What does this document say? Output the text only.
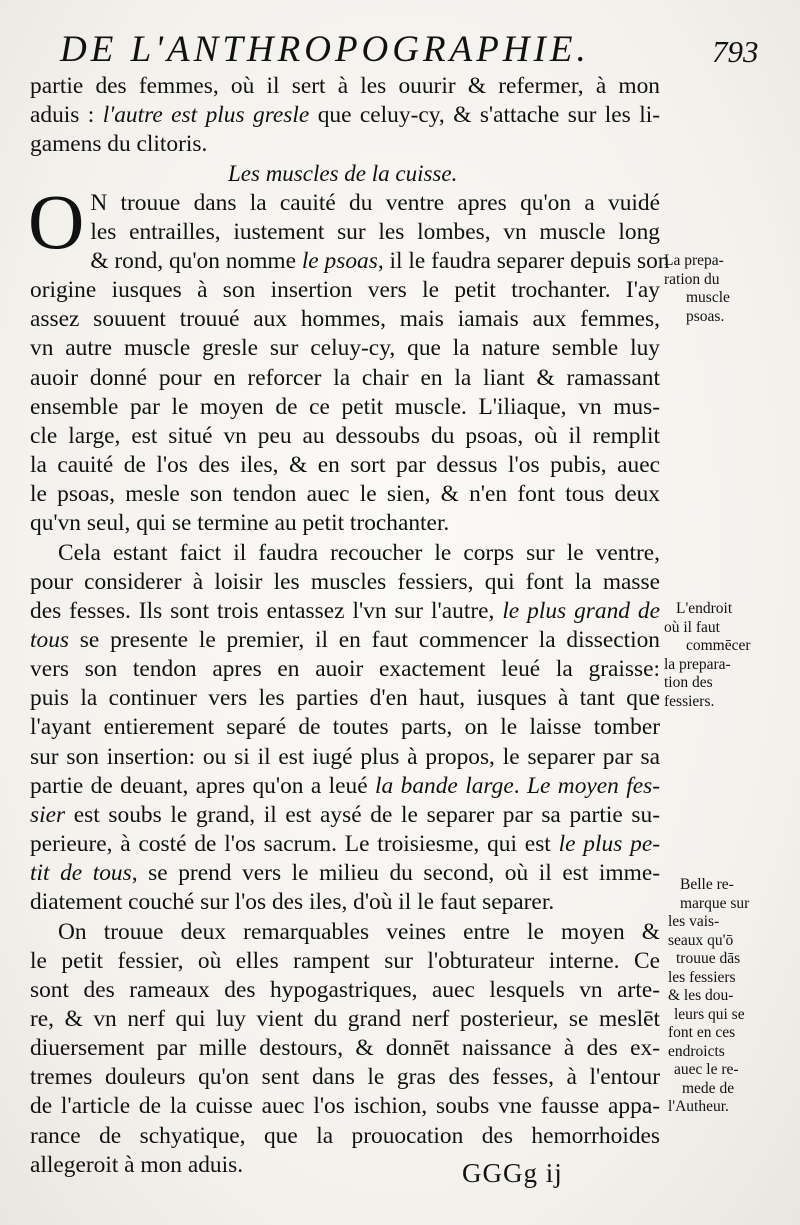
DE L'ANTHROPOGRAPHIE.	793
partie des femmes, où il sert à les ouurir & refermer, à mon
aduis : l'autre est plus gresle que celuy-cy, & s'attache sur les li-
gamens du clitoris.
Les muscles de la cuisse.
O N trouue dans la cauité du ventre apres qu'on a vuidé
les entrailles, iustement sur les lombes, vn muscle long
& rond, qu'on nomme le psoas, il le faudra separer depuis son
origine iusques à son insertion vers le petit trochanter. I'ay
assez souuent trouué aux hommes, mais iamais aux femmes,
vn autre muscle gresle sur celuy-cy, que la nature semble luy
auoir donné pour en reforcer la chair en la liant & ramassant
ensemble par le moyen de ce petit muscle. L'iliaque, vn mus-
cle large, est situé vn peu au dessoubs du psoas, où il remplit
la cauité de l'os des iles, & en sort par dessus l'os pubis, auec
le psoas, mesle son tendon auec le sien, & n'en font tous deux
qu'vn seul, qui se termine au petit trochanter.
Cela estant faict il faudra recoucher le corps sur le ventre,
pour considerer à loisir les muscles fessiers, qui font la masse
des fesses. Ils sont trois entassez l'vn sur l'autre, le plus grand de
tous se presente le premier, il en faut commencer la dissection
vers son tendon apres en auoir exactement leué la graisse:
puis la continuer vers les parties d'en haut, iusques à tant que
l'ayant entierement separé de toutes parts, on le laisse tomber
sur son insertion: ou si il est iugé plus à propos, le separer par sa
partie de deuant, apres qu'on a leué la bande large. Le moyen fes-
sier est soubs le grand, il est aysé de le separer par sa partie su-
perieure, à costé de l'os sacrum. Le troisiesme, qui est le plus pe-
tit de tous, se prend vers le milieu du second, où il est imme-
diatement couché sur l'os des iles, d'où il le faut separer.
On trouue deux remarquables veines entre le moyen &
le petit fessier, où elles rampent sur l'obturateur interne. Ce
sont des rameaux des hypogastriques, auec lesquels vn arte-
re, & vn nerf qui luy vient du grand nerf posterieur, se meslēt
diuersement par mille destours, & donnēt naissance à des ex-
tremes douleurs qu'on sent dans le gras des fesses, à l'entour
de l'article de la cuisse auec l'os ischion, soubs vne fausse appa-
rance de schyatique, que la prouocation des hemorrhoides
allegeroit à mon aduis.
La prepa-
ration du
muscle
psoas.
L'endroit
où il faut
commēcer
la prepara-
tion des
fessiers.
Belle re-
marque sur
les vais-
seaux qu'ō
trouue dās
les fessiers
& les dou-
leurs qui se
font en ces
endroicts
auec le re-
mede de
l'Autheur.
GGGg ij
